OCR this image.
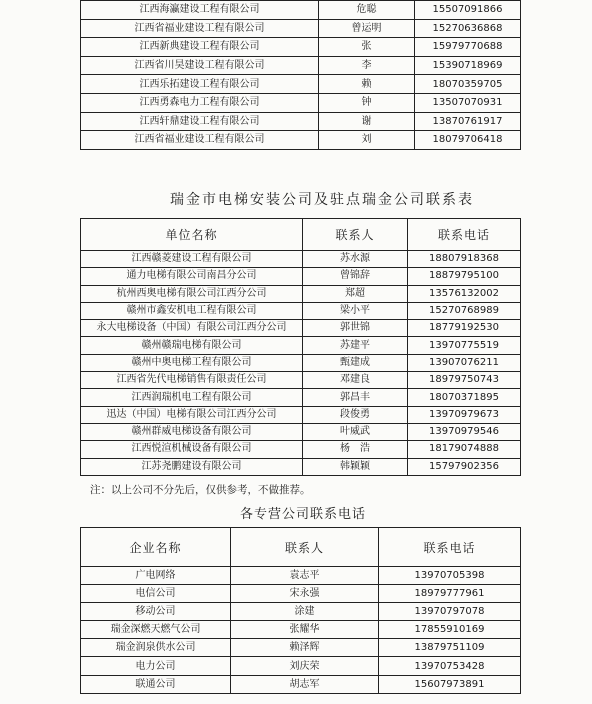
江西海瀛建设工程有限公司	危聪	15507091866
江西省福业建设工程有限公司	曾运明	15270636868
江西新典建设工程有限公司	张	15979770688
江西省川昊建设工程有限公司	李	15390718969
江西乐拓建设工程有限公司	赖	18070359705
江西勇森电力工程有限公司	钟	13507070931
江西轩鼎建设工程有限公司	谢	13870761917
江西省福业建设工程有限公司	刘	18079706418
瑞金市电梯安装公司及驻点瑞金公司联系表
单位名称	联系人	联系电话
江西赣菱建设工程有限公司	苏水源	18807918368
通力电梯有限公司南昌分公司	曾锦辞	18879795100
杭州西奥电梯有限公司江西分公司	郑超	13576132002
赣州市鑫安机电工程有限公司	梁小平	15270768989
永大电梯设备（中国）有限公司江西分公司	郭世锦	18779192530
赣州赣瑞电梯有限公司	苏建平	13970775519
赣州中奥电梯工程有限公司	甄建成	13907076211
江西省先代电梯销售有限责任公司	邓建良	18979750743
江西润瑞机电工程有限公司	郭昌丰	18070371895
迅达（中国）电梯有限公司江西分公司	段俊勇	13970979673
赣州群威电梯设备有限公司	叶威武	13970979546
江西悦渲机械设备有限公司	杨　浩	18179074888
江苏尧鹏建设有限公司	韩颖颖	15797902356
注：以上公司不分先后，仅供参考，不做推荐。
各专营公司联系电话
企业名称	联系人	联系电话
广电网络	袁志平	13970705398
电信公司	宋永强	18979777961
移动公司	涂建	13970797078
瑞金深燃天燃气公司	张耀华	17855910169
瑞金润泉供水公司	赖泽辉	13879751109
电力公司	刘庆荣	13970753428
联通公司	胡志军	15607973891
